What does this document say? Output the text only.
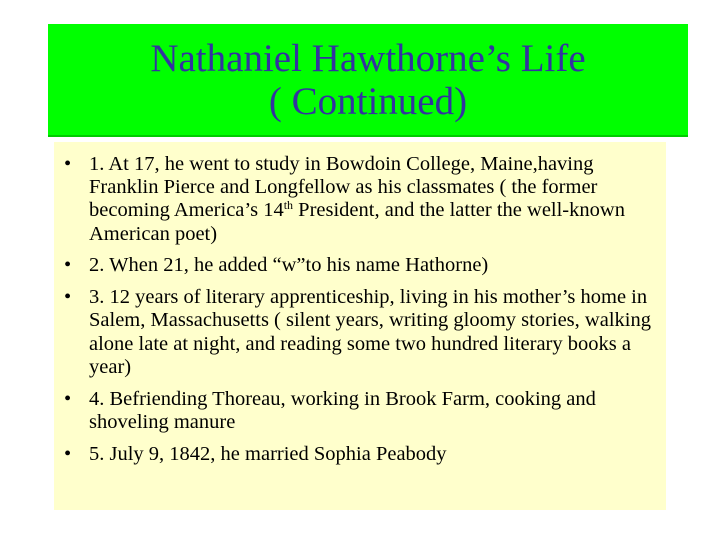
Nathaniel Hawthorne’s Life
( Continued)
• 1. At 17, he went to study in Bowdoin College, Maine,having Franklin Pierce and Longfellow as his classmates ( the former becoming America’s 14th President, and the latter the well-known American poet)
• 2. When 21, he added “w”to his name Hathorne)
• 3. 12 years of literary apprenticeship, living in his mother’s home in Salem, Massachusetts ( silent years, writing gloomy stories, walking alone late at night, and reading some two hundred literary books a year)
• 4. Befriending Thoreau, working in Brook Farm, cooking and shoveling manure
• 5. July 9, 1842, he married Sophia Peabody
